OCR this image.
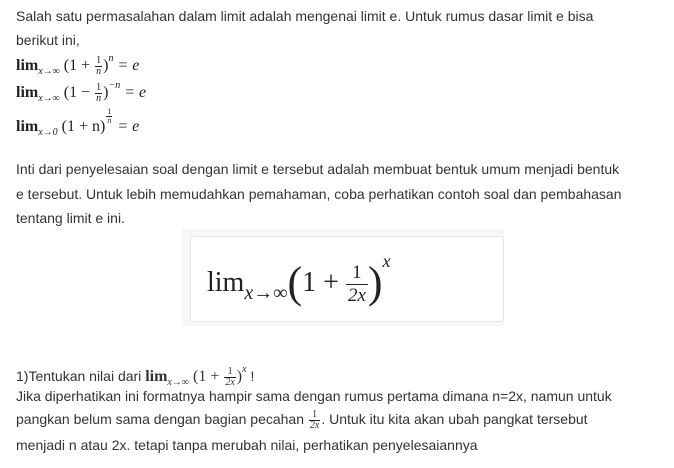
Salah satu permasalahan dalam limit adalah mengenai limit e. Untuk rumus dasar limit e bisa

berikut ini,

$\lim_{x\to\infty} (1 + \frac{1}{n} )^n = e$
$\lim_{x\to\infty} (1 - \frac{1}{n} )^{-n} = e$
$\lim_{x\to 0} (1 + n)$
$\frac{1}{n}$
= e

Inti dari penyelesaian soal dengan limit e tersebut adalah membuat bentuk umum menjadi bentuk

e tersebut. Untuk lebih memudahkan pemahaman, coba perhatikan contoh soal dan pembahasan

tentang limit e ini.

$\lim_{x\to\infty}(1 + \frac{1}{2x} )^x$
1)Tentukan nilai dari $\lim_{x\to\infty} (1 + \frac{1}{2x} )^x$ !

Jika diperhatikan ini formatnya hampir sama dengan rumus pertama dimana n=2x, namun untuk

pangkan belum sama dengan bagian pecahan $\frac{1}{2x}$ . Untuk itu kita akan ubah pangkat tersebut

menjadi n atau 2x. tetapi tanpa merubah nilai, perhatikan penyelesaiannya
